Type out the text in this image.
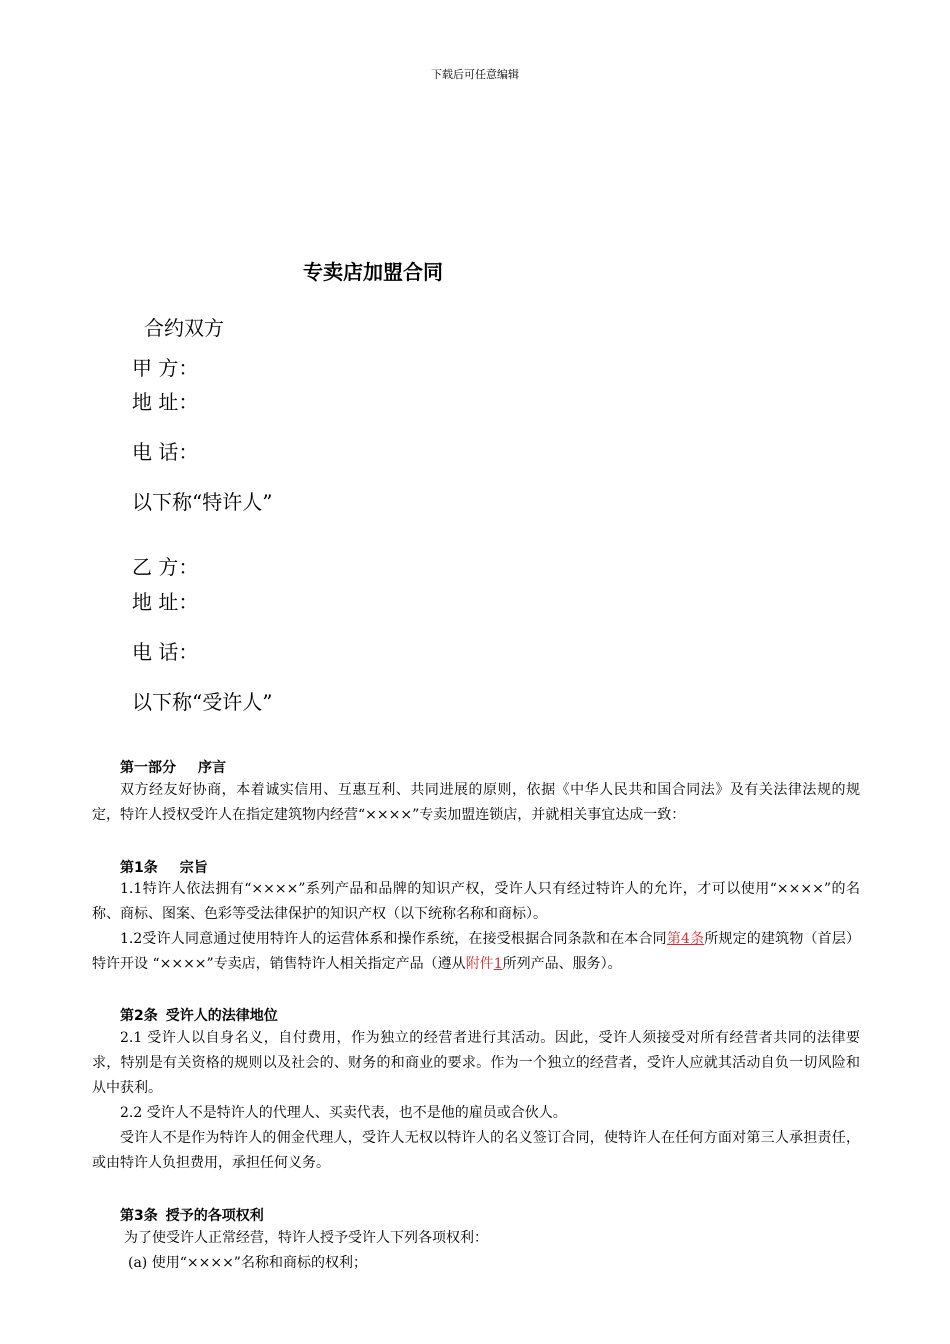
下载后可任意编辑
专卖店加盟合同
合约双方
甲 方：
地 址：
电 话：
以下称“特许人”
乙 方：
地 址：
电 话：
以下称“受许人”
第一部分 序言
双方经友好协商，本着诚实信用、互惠互利、共同进展的原则，依据《中华人民共和国合同法》及有关法律法规的规定，特许人授权受许人在指定建筑物内经营“××××”专卖加盟连锁店，并就相关事宜达成一致：
第1条 宗旨
1.1特许人依法拥有“××××”系列产品和品牌的知识产权，受许人只有经过特许人的允许，才可以使用“××××”的名称、商标、图案、色彩等受法律保护的知识产权（以下统称名称和商标）。
1.2受许人同意通过使用特许人的运营体系和操作系统，在接受根据合同条款和在本合同第4条所规定的建筑物（首层）特许开设 “××××”专卖店，销售特许人相关指定产品（遵从附件1所列产品、服务）。
第2条 受许人的法律地位
2.1 受许人以自身名义，自付费用，作为独立的经营者进行其活动。因此，受许人须接受对所有经营者共同的法律要求，特别是有关资格的规则以及社会的、财务的和商业的要求。作为一个独立的经营者，受许人应就其活动自负一切风险和从中获利。
2.2 受许人不是特许人的代理人、买卖代表，也不是他的雇员或合伙人。
受许人不是作为特许人的佣金代理人，受许人无权以特许人的名义签订合同，使特许人在任何方面对第三人承担责任，或由特许人负担费用，承担任何义务。
第3条 授予的各项权利
为了使受许人正常经营，特许人授予受许人下列各项权利：
(a) 使用“××××”名称和商标的权利；
